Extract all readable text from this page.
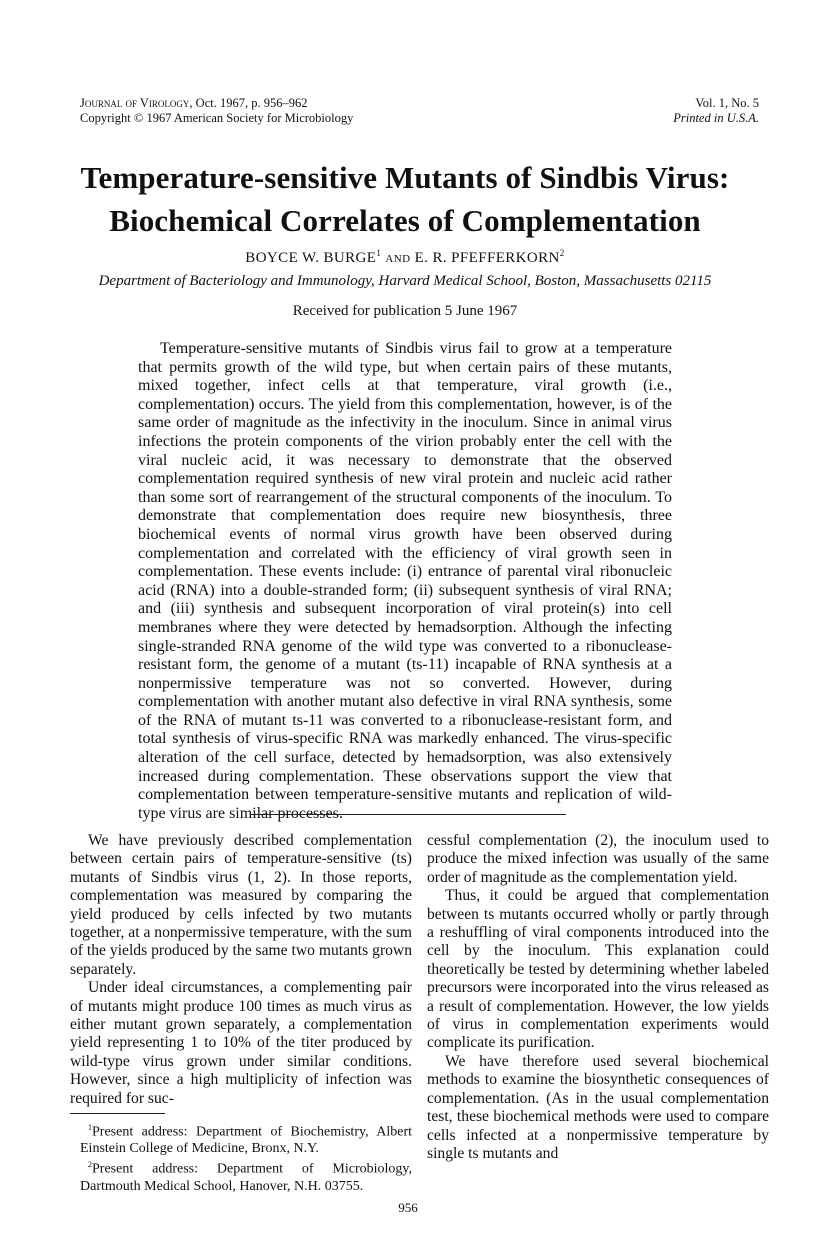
Journal of Virology, Oct. 1967, p. 956–962
Copyright © 1967 American Society for Microbiology
Vol. 1, No. 5
Printed in U.S.A.
Temperature-sensitive Mutants of Sindbis Virus:
Biochemical Correlates of Complementation
BOYCE W. BURGE$^1$ and E. R. PFEFFERKORN$^2$
Department of Bacteriology and Immunology, Harvard Medical School, Boston, Massachusetts 02115
Received for publication 5 June 1967

Temperature-sensitive mutants of Sindbis virus fail to grow at a temperature that permits growth of the wild type, but when certain pairs of these mutants, mixed together, infect cells at that temperature, viral growth (i.e., complementation) occurs. The yield from this complementation, however, is of the same order of magnitude as the infectivity in the inoculum. Since in animal virus infections the protein components of the virion probably enter the cell with the viral nucleic acid, it was necessary to demonstrate that the observed complementation required synthesis of new viral protein and nucleic acid rather than some sort of rearrangement of the structural components of the inoculum. To demonstrate that complementation does require new biosynthesis, three biochemical events of normal virus growth have been observed during complementation and correlated with the efficiency of viral growth seen in complementation. These events include: (i) entrance of parental viral ribonucleic acid (RNA) into a double-stranded form; (ii) subsequent synthesis of viral RNA; and (iii) synthesis and subsequent incorporation of viral protein(s) into cell membranes where they were detected by hemadsorption. Although the infecting single-stranded RNA genome of the wild type was converted to a ribonuclease-resistant form, the genome of a mutant (ts-11) incapable of RNA synthesis at a nonpermissive temperature was not so converted. However, during complementation with another mutant also defective in viral RNA synthesis, some of the RNA of mutant ts-11 was converted to a ribonuclease-resistant form, and total synthesis of virus-specific RNA was markedly enhanced. The virus-specific alteration of the cell surface, detected by hemadsorption, was also extensively increased during complementation. These observations support the view that complementation between temperature-sensitive mutants and replication of wild-type virus are similar processes.

We have previously described complementation between certain pairs of temperature-sensitive (ts) mutants of Sindbis virus (1, 2). In those reports, complementation was measured by comparing the yield produced by cells infected by two mutants together, at a nonpermissive temperature, with the sum of the yields produced by the same two mutants grown separately.

Under ideal circumstances, a complementing pair of mutants might produce 100 times as much virus as either mutant grown separately, a complementation yield representing 1 to 10% of the titer produced by wild-type virus grown under similar conditions. However, since a high multiplicity of infection was required for suc-

cessful complementation (2), the inoculum used to produce the mixed infection was usually of the same order of magnitude as the complementation yield.

Thus, it could be argued that complementation between ts mutants occurred wholly or partly through a reshuffling of viral components introduced into the cell by the inoculum. This explanation could theoretically be tested by determining whether labeled precursors were incorporated into the virus released as a result of complementation. However, the low yields of virus in complementation experiments would complicate its purification.

We have therefore used several biochemical methods to examine the biosynthetic consequences of complementation. (As in the usual complementation test, these biochemical methods were used to compare cells infected at a nonpermissive temperature by single ts mutants and

$^1$Present address: Department of Biochemistry, Albert Einstein College of Medicine, Bronx, N.Y.

$^2$Present address: Department of Microbiology, Dartmouth Medical School, Hanover, N.H. 03755.

956
